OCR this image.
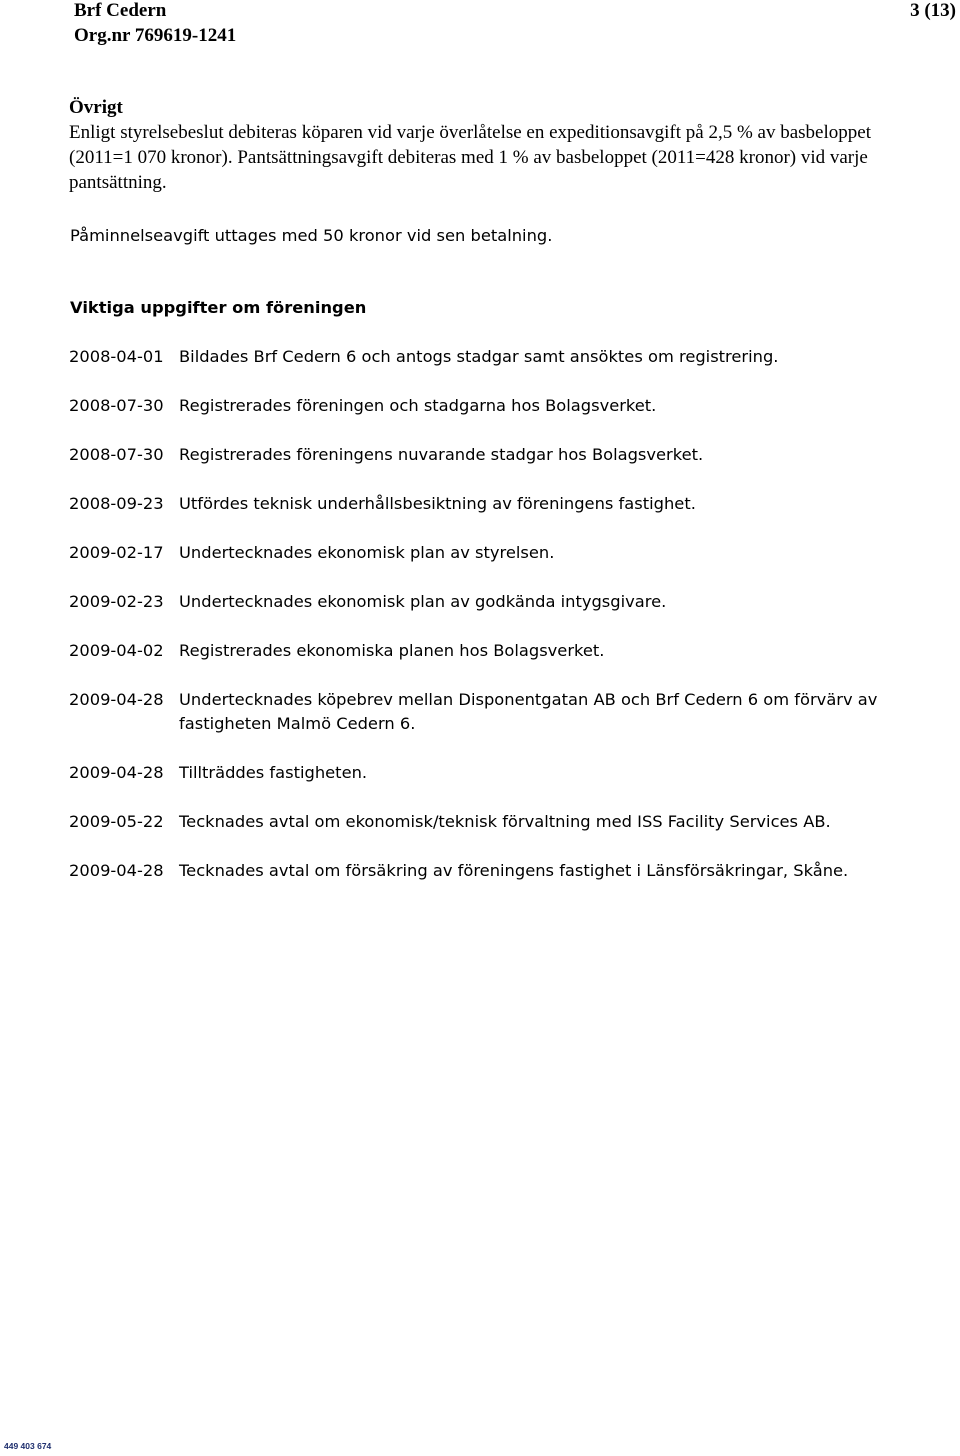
Brf Cedern
Org.nr 769619-1241
3 (13)
Övrigt

Enligt styrelsebeslut debiteras köparen vid varje överlåtelse en expeditionsavgift på 2,5 % av basbeloppet (2011=1 070 kronor). Pantsättningsavgift debiteras med 1 % av basbeloppet (2011=428 kronor) vid varje pantsättning.

Påminnelseavgift uttages med 50 kronor vid sen betalning.

Viktiga uppgifter om föreningen
2008-04-01 Bildades Brf Cedern 6 och antogs stadgar samt ansöktes om registrering.
2008-07-30 Registrerades föreningen och stadgarna hos Bolagsverket.
2008-07-30 Registrerades föreningens nuvarande stadgar hos Bolagsverket.
2008-09-23 Utfördes teknisk underhållsbesiktning av föreningens fastighet.
2009-02-17 Undertecknades ekonomisk plan av styrelsen.
2009-02-23 Undertecknades ekonomisk plan av godkända intygsgivare.
2009-04-02 Registrerades ekonomiska planen hos Bolagsverket.
2009-04-28 Undertecknades köpebrev mellan Disponentgatan AB och Brf Cedern 6 om förvärv av fastigheten Malmö Cedern 6.
2009-04-28 Tillträddes fastigheten.
2009-05-22 Tecknades avtal om ekonomisk/teknisk förvaltning med ISS Facility Services AB.
2009-04-28 Tecknades avtal om försäkring av föreningens fastighet i Länsförsäkringar, Skåne.
449 403 674
